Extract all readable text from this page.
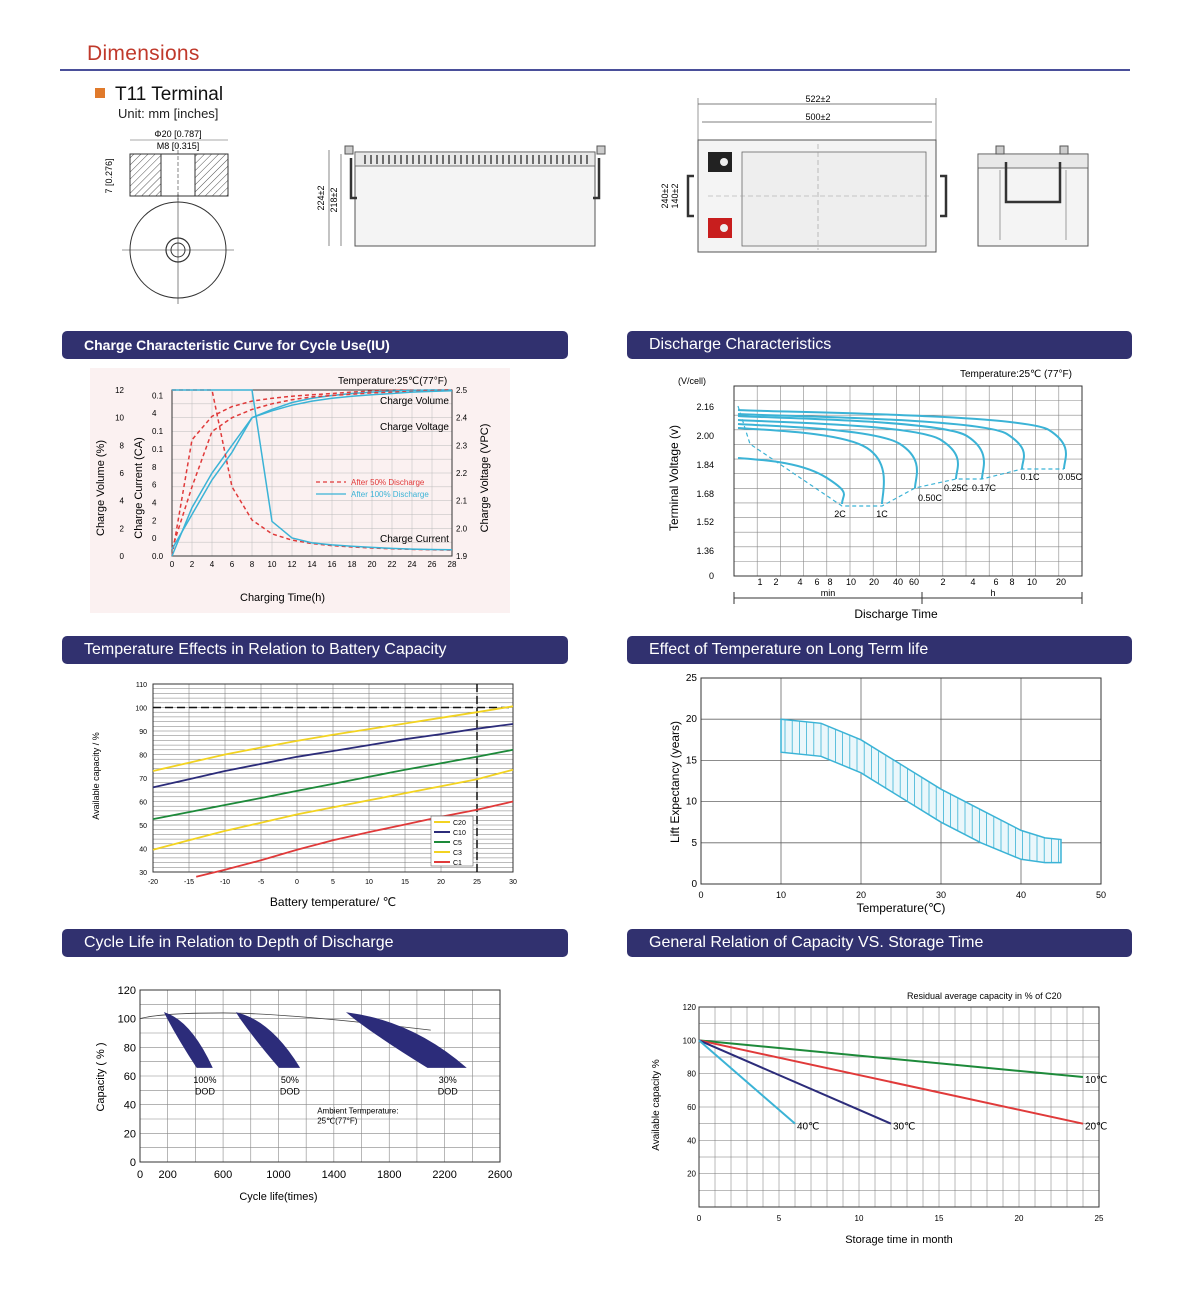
Dimensions
T11 Terminal
Unit: mm [inches]
Φ20 [0.787]
M8 [0.315]
7 [0.276]
224±2 218±2
522±2
500±2
240±2 140±2
Charge Characteristic Curve for Cycle Use(IU)	Discharge Characteristics
Temperature Effects in Relation to Battery Capacity	Effect of Temperature on Long Term life
Cycle Life in Relation to Depth of Discharge	General Relation of Capacity VS. Storage Time
Temperature:25℃(77°F)
0 2 4 6 8 10 12 14 16 18 20 22 24 26 28
0
2
4
6
8
10
12
0.0
0
2
4
6
8
0.1
0.1
4
0.1
1.9
2.0
2.1
2.2
2.3
2.4
2.5
Charging Time(h)
Charge Volume (%) Charge Current (CA)	Charge Voltage (VPC)
Charge Volume
Charge Voltage
Charge Current
After 50% Discharge
After 100% Discharge
Temperature:25℃ (77°F)
(V/cell)
0
1.36
1.52
1.68
1.84
2.00
2.16
1 2 4 6 8 10 20 40 60 2	4 6 8 10 20
min	h
Discharge Time
Terminal Voltage (v)	2C	1C
0.50C
0.25C 0.17C
0.1C 0.05C
-20	-15	-10	-5	0	5	10	15	20	25	30
30
40
50
60
70
80
90
100
110
Battery temperature/ ℃
Available capacity / %
C20
C10
C5
C3
C1
0	10	20	30	40	50
0
5
10
15
20
25
Temperature(℃)
Lift Expectancy (years)
100%
DOD
50%
DOD
30%
DOD
0 200	600	1000	1400	1800	2200	2600
0
20
40
60
80
100
120
Cycle life(times)
Capacity ( % )	Ambient Termperature:
25℃(77°F)
Residual average capacity in % of C20
10℃
20℃
30℃
40℃
0	5	10	15	20	25
20
40
60
80
100
120
Storage time in month
Available capacity %
